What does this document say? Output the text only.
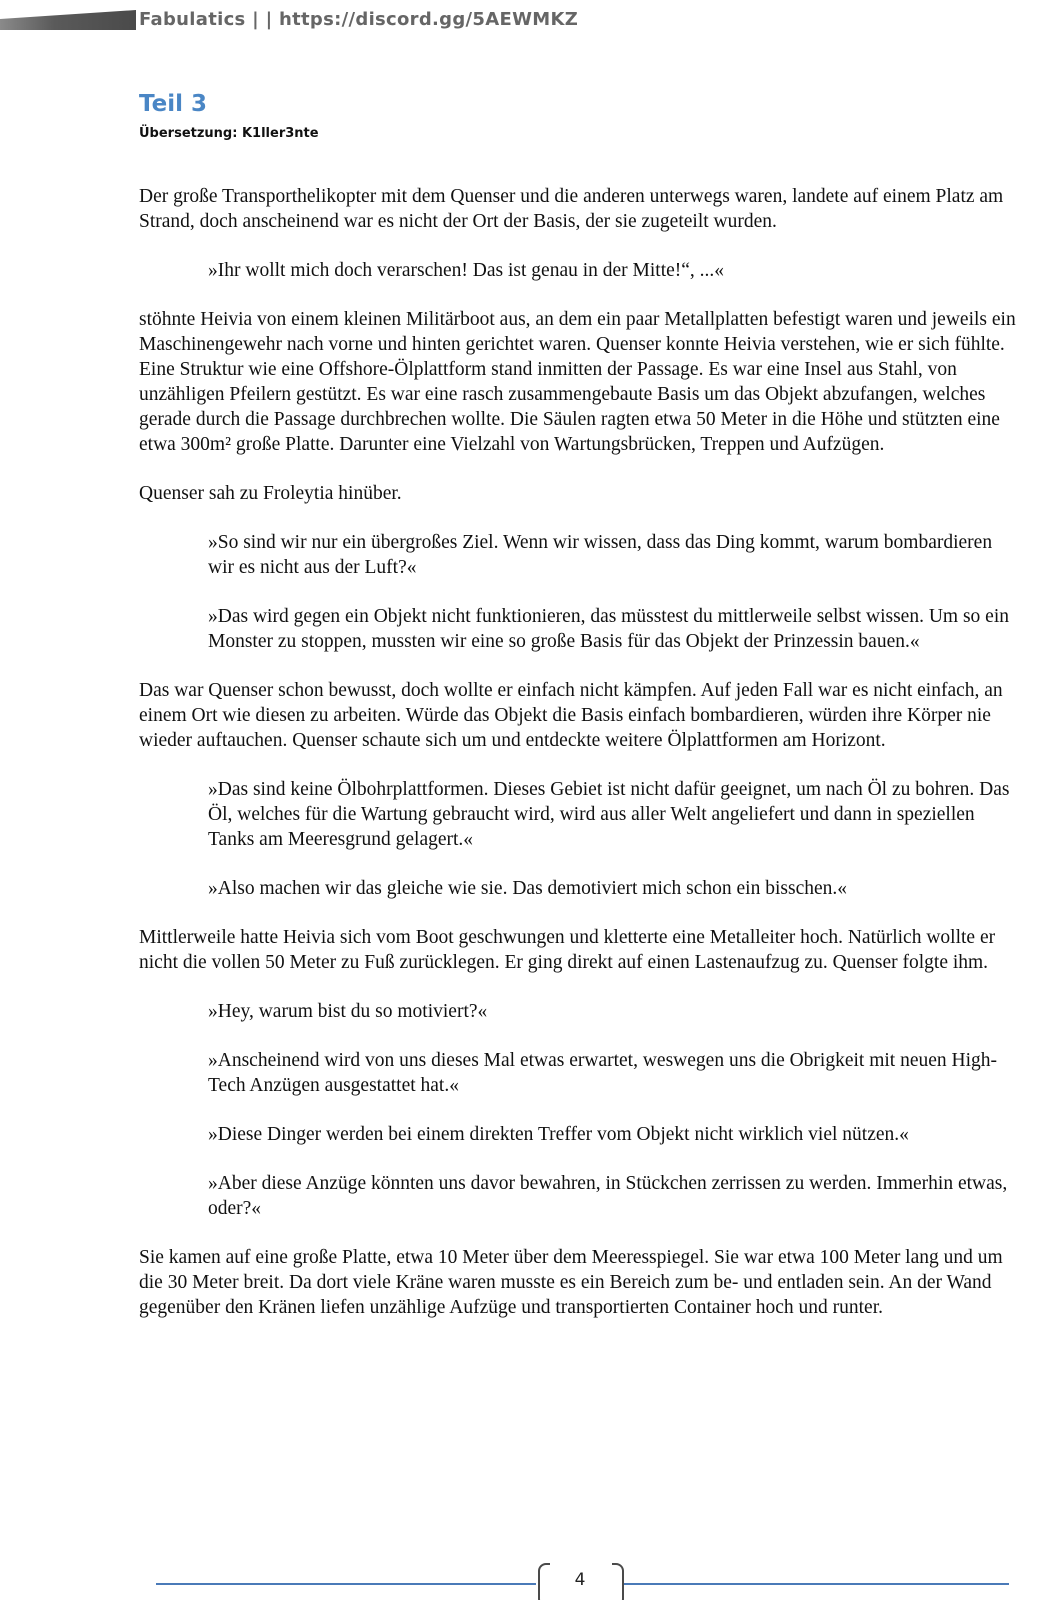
Fabulatics | | https://discord.gg/5AEWMKZ
Teil 3
Übersetzung: K1ller3nte

Der große Transporthelikopter mit dem Quenser und die anderen unterwegs waren, landete auf einem Platz am Strand, doch anscheinend war es nicht der Ort der Basis, der sie zugeteilt wurden.

»Ihr wollt mich doch verarschen! Das ist genau in der Mitte!“, ...«

stöhnte Heivia von einem kleinen Militärboot aus, an dem ein paar Metallplatten befestigt waren und jeweils ein Maschinengewehr nach vorne und hinten gerichtet waren. Quenser konnte Heivia verstehen, wie er sich fühlte. Eine Struktur wie eine Offshore-Ölplattform stand inmitten der Passage. Es war eine Insel aus Stahl, von unzähligen Pfeilern gestützt. Es war eine rasch zusammengebaute Basis um das Objekt abzufangen, welches gerade durch die Passage durchbrechen wollte. Die Säulen ragten etwa 50 Meter in die Höhe und stützten eine etwa 300m² große Platte. Darunter eine Vielzahl von Wartungsbrücken, Treppen und Aufzügen.

Quenser sah zu Froleytia hinüber.

»So sind wir nur ein übergroßes Ziel. Wenn wir wissen, dass das Ding kommt, warum bombardieren wir es nicht aus der Luft?«

»Das wird gegen ein Objekt nicht funktionieren, das müsstest du mittlerweile selbst wissen. Um so ein Monster zu stoppen, mussten wir eine so große Basis für das Objekt der Prinzessin bauen.«

Das war Quenser schon bewusst, doch wollte er einfach nicht kämpfen. Auf jeden Fall war es nicht einfach, an einem Ort wie diesen zu arbeiten. Würde das Objekt die Basis einfach bombardieren, würden ihre Körper nie wieder auftauchen. Quenser schaute sich um und entdeckte weitere Ölplattformen am Horizont.

»Das sind keine Ölbohrplattformen. Dieses Gebiet ist nicht dafür geeignet, um nach Öl zu bohren. Das Öl, welches für die Wartung gebraucht wird, wird aus aller Welt angeliefert und dann in speziellen Tanks am Meeresgrund gelagert.«

»Also machen wir das gleiche wie sie. Das demotiviert mich schon ein bisschen.«

Mittlerweile hatte Heivia sich vom Boot geschwungen und kletterte eine Metalleiter hoch. Natürlich wollte er nicht die vollen 50 Meter zu Fuß zurücklegen. Er ging direkt auf einen Lastenaufzug zu. Quenser folgte ihm.

»Hey, warum bist du so motiviert?«

»Anscheinend wird von uns dieses Mal etwas erwartet, weswegen uns die Obrigkeit mit neuen High-Tech Anzügen ausgestattet hat.«

»Diese Dinger werden bei einem direkten Treffer vom Objekt nicht wirklich viel nützen.«

»Aber diese Anzüge könnten uns davor bewahren, in Stückchen zerrissen zu werden. Immerhin etwas, oder?«

Sie kamen auf eine große Platte, etwa 10 Meter über dem Meeresspiegel. Sie war etwa 100 Meter lang und um die 30 Meter breit. Da dort viele Kräne waren musste es ein Bereich zum be- und entladen sein. An der Wand gegenüber den Kränen liefen unzählige Aufzüge und transportierten Container hoch und runter.

4
